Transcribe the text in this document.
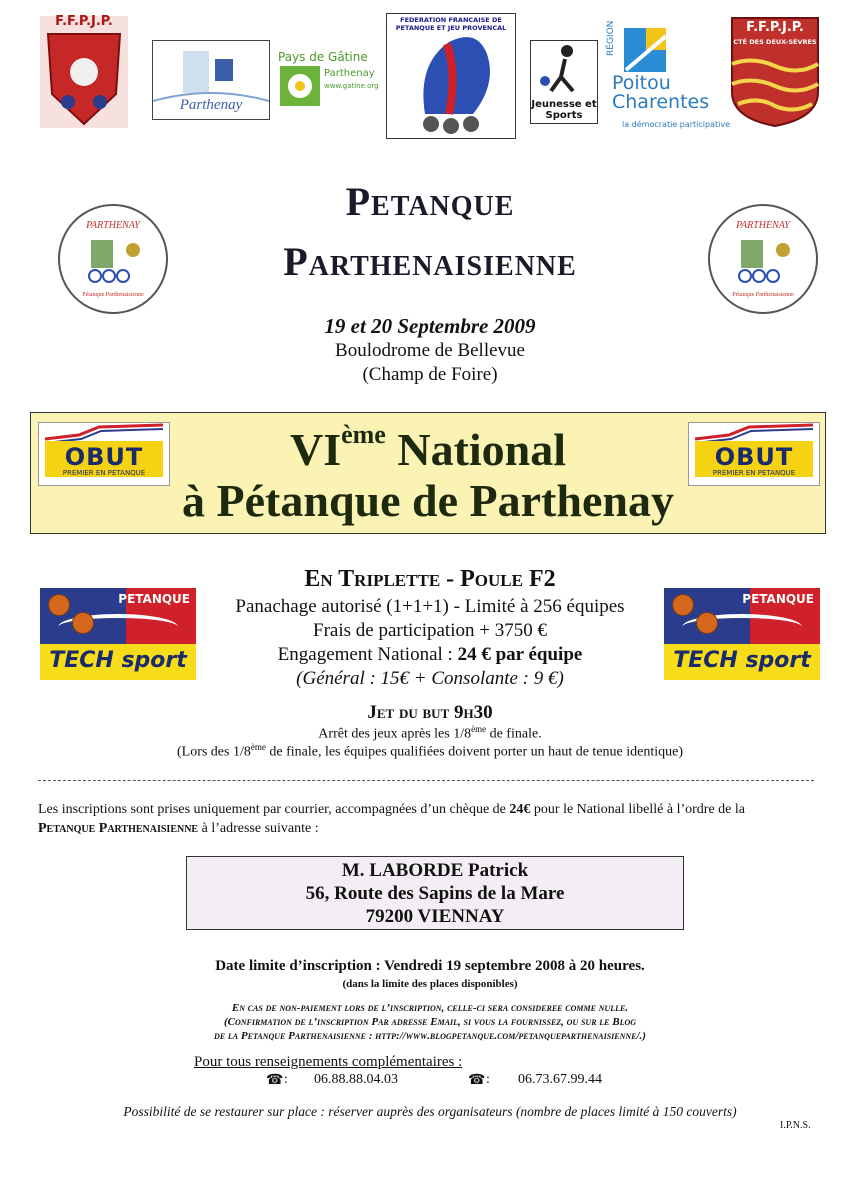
F.F.P.J.P.
Parthenay
Pays de Gâtine
Parthenay
www.gatine.org
FEDERATION FRANCAISE DE PETANQUE ET JEU PROVENCAL
Jeunesse et Sports
RÉGION
Poitou Charentes
la démocratie participative
F.F.P.J.P.
CTÉ DES DEUX-SÈVRES
Petanque
Parthenaisienne
PARTHENAY
Pétanque Parthenaisienne
PARTHENAY
Pétanque Parthenaisienne
19 et 20 Septembre 2009
Boulodrome de Bellevue
(Champ de Foire)
VIème National
à Pétanque de Parthenay
OBUT
PREMIER EN PETANQUE
OBUT
PREMIER EN PETANQUE
En Triplette - Poule F2
Panachage autorisé (1+1+1) - Limité à 256 équipes
Frais de participation + 3750 €
Engagement National : 24 € par équipe
(Général : 15€ + Consolante : 9 €)
PETANQUE
TECH sport
PETANQUE
TECH sport
Jet du but 9h30
Arrêt des jeux après les 1/8ème de finale.
(Lors des 1/8ème de finale, les équipes qualifiées doivent porter un haut de tenue identique)
Les inscriptions sont prises uniquement par courrier, accompagnées d’un chèque de 24€ pour le National libellé à l’ordre de la
Petanque Parthenaisienne à l’adresse suivante :
M. LABORDE Patrick
56, Route des Sapins de la Mare
79200 VIENNAY
Date limite d’inscription : Vendredi 19 septembre 2008 à 20 heures.
(dans la limite des places disponibles)
En cas de non-paiement lors de l’inscription, celle-ci sera consideree comme nulle.
(Confirmation de l’inscription Par adresse Email, si vous la fournissez, ou sur le Blog
de la Petanque Parthenaisienne : http://www.blogpetanque.com/petanqueparthenaisienne/.)
Pour tous renseignements complémentaires :
☎ : 06.88.88.04.03	☎ : 06.73.67.99.44
Possibilité de se restaurer sur place : réserver auprès des organisateurs (nombre de places limité à 150 couverts)
I.P.N.S.
